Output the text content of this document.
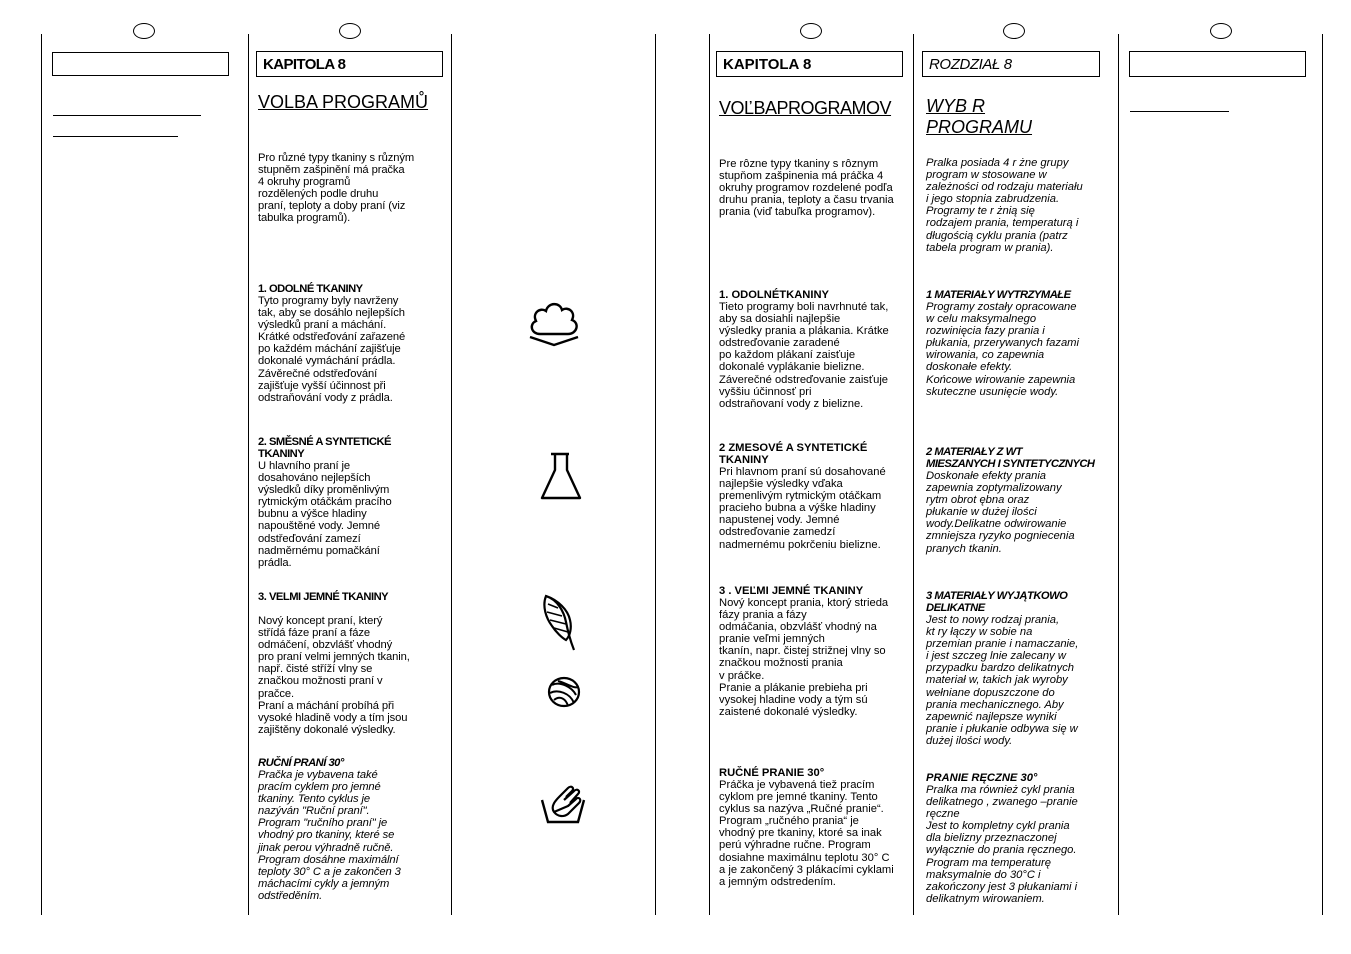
KAPITOLA 8
VOLBA PROGRAMŮ
Pro různé typy tkaniny s různým
stupněm zašpinění má pračka
4 okruhy programů
rozdělených podle druhu
praní, teploty a doby praní (viz
tabulka programů).
1. ODOLNÉ TKANINY
Tyto programy byly navrženy
tak, aby se dosáhlo nejlepších
výsledků praní a máchání.
Krátké odstřeďování zařazené
po každém máchání zajišťuje
dokonalé vymáchání prádla.
Závěrečné odstřeďování
zajišťuje vyšší účinnost při
odstraňování vody z prádla.
2. SMĚSNÉ A SYNTETICKÉ
TKANINY
U hlavního praní je
dosahováno nejlepších
výsledků díky proměnlivým
rytmickým otáčkám pracího
bubnu a výšce hladiny
napouštěné vody. Jemné
odstřeďování zamezí
nadměrnému pomačkání
prádla.
3. VELMI JEMNÉ TKANINY
Nový koncept praní, který
střídá fáze praní a fáze
odmáčení, obzvlášť vhodný
pro praní velmi jemných tkanin,
např. čisté stříží vlny se
značkou možnosti praní v
pračce.
Praní a máchání probíhá při
vysoké hladině vody a tím jsou
zajištěny dokonalé výsledky.
RUČNÍ PRANÍ 30°
Pračka je vybavena také
pracím cyklem pro jemné
tkaniny. Tento cyklus je
nazýván "Ruční praní".
Program "ručního praní" je
vhodný pro tkaniny, které se
jinak perou výhradně ručně.
Program dosáhne maximální
teploty 30° C a je zakončen 3
máchacími cykly a jemným
odstředěním.
KAPITOLA 8
VOĽBAPROGRAMOV
Pre rôzne typy tkaniny s rôznym
stupňom zašpinenia má práčka 4
okruhy programov rozdelené podľa
druhu prania, teploty a času trvania
prania (viď tabuľka programov).
1. ODOLNÉTKANINY
Tieto programy boli navrhnuté tak,
aby sa dosiahli najlepšie
výsledky prania a plákania. Krátke
odstreďovanie zaradené
po každom plákaní zaisťuje
dokonalé vyplákanie bielizne.
Záverečné odstreďovanie zaisťuje
vyššiu účinnosť pri
odstraňovaní vody z bielizne.
2 ZMESOVÉ A SYNTETICKÉ
TKANINY
Pri hlavnom praní sú dosahované
najlepšie výsledky vďaka
premenlivým rytmickým otáčkam
pracieho bubna a výške hladiny
napustenej vody. Jemné
odstreďovanie zamedzí
nadmernému pokrčeniu bielizne.
3 . VEĽMI JEMNÉ TKANINY
Nový koncept prania, ktorý strieda
fázy prania a fázy
odmáčania, obzvlášť vhodný na
pranie veľmi jemných
tkanín, napr. čistej strižnej vlny so
značkou možnosti prania
v práčke.
Pranie a plákanie prebieha pri
vysokej hladine vody a tým sú
zaistené dokonalé výsledky.
RUČNÉ PRANIE 30°
Práčka je vybavená tiež pracím
cyklom pre jemné tkaniny. Tento
cyklus sa nazýva „Ručné pranie“.
Program „ručného prania“ je
vhodný pre tkaniny, ktoré sa inak
perú výhradne ručne. Program
dosiahne maximálnu teplotu 30° C
a je zakončený 3 plákacími cyklami
a jemným odstredením.
ROZDZIAŁ 8
WYB R
PROGRAMU
Pralka posiada 4 r żne grupy
program w stosowane w
zależności od rodzaju materiału
i jego stopnia zabrudzenia.
Programy te r żnią się
rodzajem prania, temperaturą i
długością cyklu prania (patrz
tabela program w prania).
1 MATERIAŁY WYTRZYMAŁE
Programy zostały opracowane
w celu maksymalnego
rozwinięcia fazy prania i
płukania, przerywanych fazami
wirowania, co zapewnia
doskonałe efekty.
Końcowe wirowanie zapewnia
skuteczne usunięcie wody.
2 MATERIAŁY Z WT
MIESZANYCH I SYNTETYCZNYCH
Doskonałe efekty prania
zapewnia zoptymalizowany
rytm obrot ębna oraz
płukanie w dużej ilości
wody.Delikatne odwirowanie
zmniejsza ryzyko pogniecenia
pranych tkanin.
3 MATERIAŁY WYJĄTKOWO
DELIKATNE
Jest to nowy rodzaj prania,
kt ry łączy w sobie na
przemian pranie i namaczanie,
i jest szczeg lnie zalecany w
przypadku bardzo delikatnych
materiał w, takich jak wyroby
wełniane dopuszczone do
prania mechanicznego. Aby
zapewnić najlepsze wyniki
pranie i płukanie odbywa się w
dużej ilości wody.
PRANIE RĘCZNE 30°
Pralka ma również cykl prania
delikatnego , zwanego –pranie
ręczne
Jest to kompletny cykl prania
dla bielizny przeznaczonej
wyłącznie do prania ręcznego.
Program ma temperaturę
maksymalnie do 30°C i
zakończony jest 3 płukaniami i
delikatnym wirowaniem.
